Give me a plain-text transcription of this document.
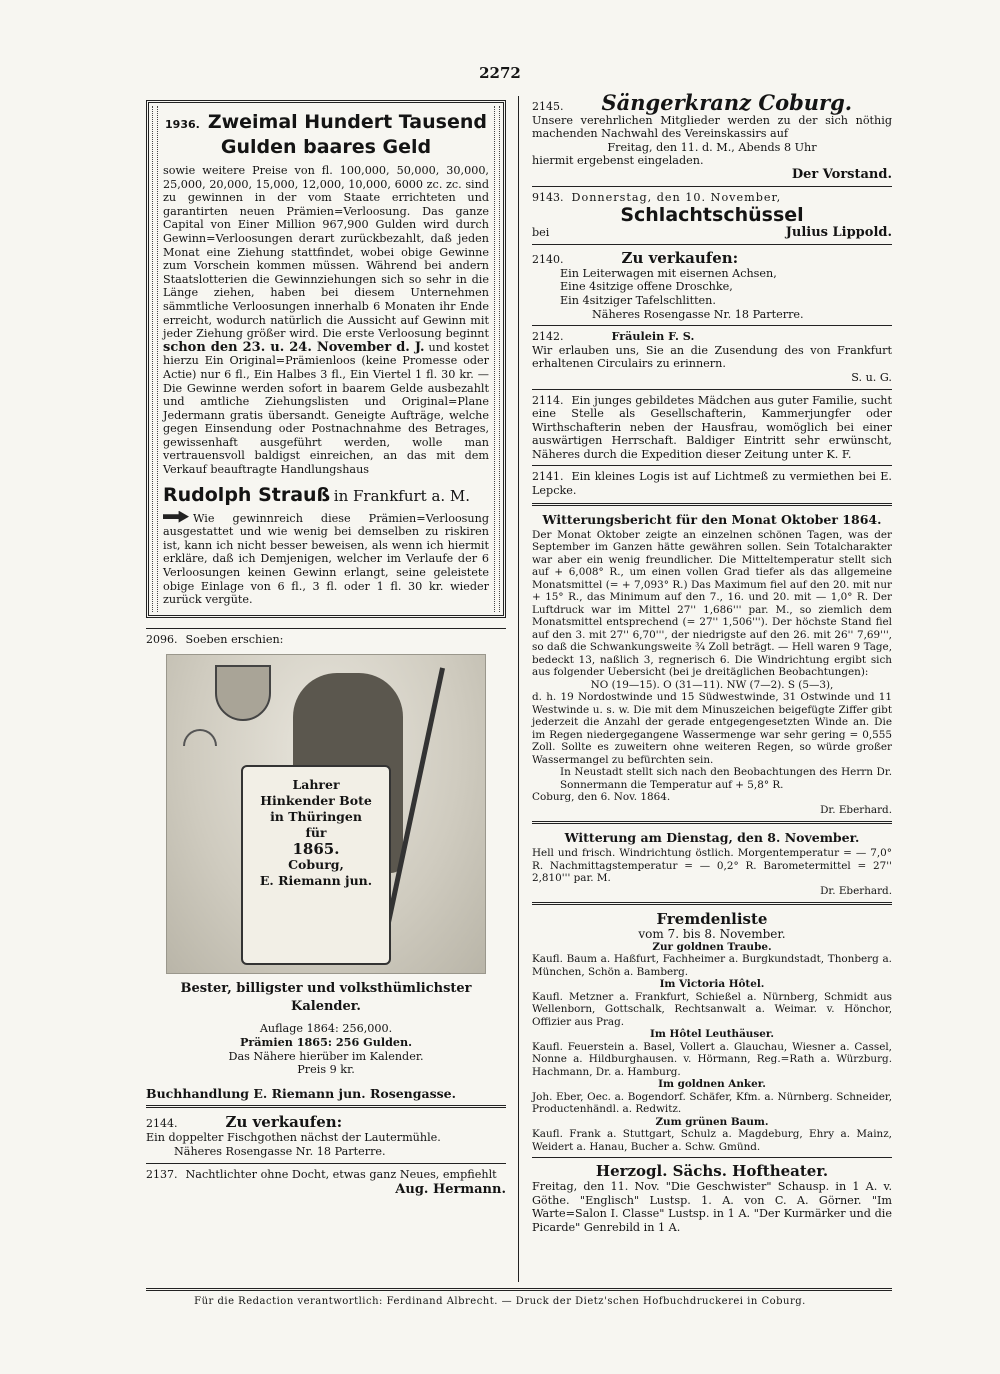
2272
1936. Zweimal Hundert Tausend
Gulden baares Geld

sowie weitere Preise von fl. 100,000, 50,000, 30,000, 25,000, 20,000, 15,000, 12,000, 10,000, 6000 zc. zc. sind zu gewinnen in der vom Staate errichteten und garantirten neuen Prämien=Verloosung. Das ganze Capital von Einer Million 967,900 Gulden wird durch Gewinn=Verloosungen derart zurückbezahlt, daß jeden Monat eine Ziehung stattfindet, wobei obige Gewinne zum Vorschein kommen müssen. Während bei andern Staatslotterien die Gewinnziehungen sich so sehr in die Länge ziehen, haben bei diesem Unternehmen sämmtliche Verloosungen innerhalb 6 Monaten ihr Ende erreicht, wodurch natürlich die Aussicht auf Gewinn mit jeder Ziehung größer wird. Die erste Verloosung beginnt schon den 23. u. 24. November d. J. und kostet hierzu Ein Original=Prämienloos (keine Promesse oder Actie) nur 6 fl., Ein Halbes 3 fl., Ein Viertel 1 fl. 30 kr. — Die Gewinne werden sofort in baarem Gelde ausbezahlt und amtliche Ziehungslisten und Original=Plane Jedermann gratis übersandt. Geneigte Aufträge, welche gegen Einsendung oder Postnachnahme des Betrages, gewissenhaft ausgeführt werden, wolle man vertrauensvoll baldigst einreichen, an das mit dem Verkauf beauftragte Handlungshaus

Rudolph Strauß in Frankfurt a. M.

Wie gewinnreich diese Prämien=Verloosung ausgestattet und wie wenig bei demselben zu riskiren ist, kann ich nicht besser beweisen, als wenn ich hiermit erkläre, daß ich Demjenigen, welcher im Verlaufe der 6 Verloosungen keinen Gewinn erlangt, seine geleistete obige Einlage von 6 fl., 3 fl. oder 1 fl. 30 kr. wieder zurück vergüte.

2096. Soeben erschien:
Lahrer
Hinkender Bote
in Thüringen
für
1865.
Coburg,
E. Riemann jun.
Bester, billigster und volksthümlichster Kalender.
Auflage 1864: 256,000.
Prämien 1865: 256 Gulden.
Das Nähere hierüber im Kalender.
Preis 9 kr.
Buchhandlung E. Riemann jun. Rosengasse.
2144.	Zu verkaufen:
Ein doppelter Fischgothen nächst der Lautermühle.
Näheres Rosengasse Nr. 18 Parterre.

2137. Nachtlichter ohne Docht, etwas ganz Neues, empfiehlt

Aug. Hermann.
2145. Sängerkranz Coburg.

Unsere verehrlichen Mitglieder werden zu der sich nöthig machenden Nachwahl des Vereinskassirs auf

Freitag, den 11. d. M., Abends 8 Uhr
hiermit ergebenst eingeladen.
Der Vorstand.
9143. Donnerstag, den 10. November,
Schlachtschüssel
bei	Julius Lippold.
2140.	Zu verkaufen:
Ein Leiterwagen mit eisernen Achsen,
Eine 4sitzige offene Droschke,
Ein 4sitziger Tafelschlitten.
Näheres Rosengasse Nr. 18 Parterre.
2142.	Fräulein F. S.

Wir erlauben uns, Sie an die Zusendung des von Frankfurt erhaltenen Circulairs zu erinnern.

S. u. G.

2114. Ein junges gebildetes Mädchen aus guter Familie, sucht eine Stelle als Gesellschafterin, Kammerjungfer oder Wirthschafterin neben der Hausfrau, womöglich bei einer auswärtigen Herrschaft. Baldiger Eintritt sehr erwünscht, Näheres durch die Expedition dieser Zeitung unter K. F.

2141. Ein kleines Logis ist auf Lichtmeß zu vermiethen bei E. Lepcke.

Witterungsbericht für den Monat Oktober 1864.

Der Monat Oktober zeigte an einzelnen schönen Tagen, was der September im Ganzen hätte gewähren sollen. Sein Totalcharakter war aber ein wenig freundlicher. Die Mitteltemperatur stellt sich auf + 6,008° R., um einen vollen Grad tiefer als das allgemeine Monatsmittel (= + 7,093° R.) Das Maximum fiel auf den 20. mit nur + 15° R., das Minimum auf den 7., 16. und 20. mit — 1,0° R. Der Luftdruck war im Mittel 27'' 1,686''' par. M., so ziemlich dem Monatsmittel entsprechend (= 27'' 1,506'''). Der höchste Stand fiel auf den 3. mit 27'' 6,70''', der niedrigste auf den 26. mit 26'' 7,69''', so daß die Schwankungsweite ¾ Zoll beträgt. — Hell waren 9 Tage, bedeckt 13, naßlich 3, regnerisch 6. Die Windrichtung ergibt sich aus folgender Uebersicht (bei je dreitäglichen Beobachtungen):

NO (19—15). O (31—11). NW (7—2). S (5—3),

d. h. 19 Nordostwinde und 15 Südwestwinde, 31 Ostwinde und 11 Westwinde u. s. w. Die mit dem Minuszeichen beigefügte Ziffer gibt jederzeit die Anzahl der gerade entgegengesetzten Winde an. Die im Regen niedergegangene Wassermenge war sehr gering = 0,555 Zoll. Sollte es zuweitern ohne weiteren Regen, so würde großer Wassermangel zu befürchten sein.

In Neustadt stellt sich nach den Beobachtungen des Herrn Dr. Sonnermann die Temperatur auf + 5,8° R.

Coburg, den 6. Nov. 1864.
Dr. Eberhard.
Witterung am Dienstag, den 8. November.

Hell und frisch. Windrichtung östlich. Morgentemperatur = — 7,0° R. Nachmittagstemperatur = — 0,2° R. Barometermittel = 27'' 2,810''' par. M.

Dr. Eberhard.
Fremdenliste
vom 7. bis 8. November.
Zur goldnen Traube.

Kaufl. Baum a. Haßfurt, Fachheimer a. Burgkundstadt, Thonberg a. München, Schön a. Bamberg.

Im Victoria Hôtel.

Kaufl. Metzner a. Frankfurt, Schießel a. Nürnberg, Schmidt aus Wellenborn, Gottschalk, Rechtsanwalt a. Weimar. v. Hönchor, Offizier aus Prag.

Im Hôtel Leuthäuser.

Kaufl. Feuerstein a. Basel, Vollert a. Glauchau, Wiesner a. Cassel, Nonne a. Hildburghausen. v. Hörmann, Reg.=Rath a. Würzburg. Hachmann, Dr. a. Hamburg.

Im goldnen Anker.

Joh. Eber, Oec. a. Bogendorf. Schäfer, Kfm. a. Nürnberg. Schneider, Productenhändl. a. Redwitz.

Zum grünen Baum.

Kaufl. Frank a. Stuttgart, Schulz a. Magdeburg, Ehry a. Mainz, Weidert a. Hanau, Bucher a. Schw. Gmünd.

Herzogl. Sächs. Hoftheater.

Freitag, den 11. Nov. "Die Geschwister" Schausp. in 1 A. v. Göthe. "Englisch" Lustsp. 1. A. von C. A. Görner. "Im Warte=Salon I. Classe" Lustsp. in 1 A. "Der Kurmärker und die Picarde" Genrebild in 1 A.

Für die Redaction verantwortlich: Ferdinand Albrecht. — Druck der Dietz'schen Hofbuchdruckerei in Coburg.
